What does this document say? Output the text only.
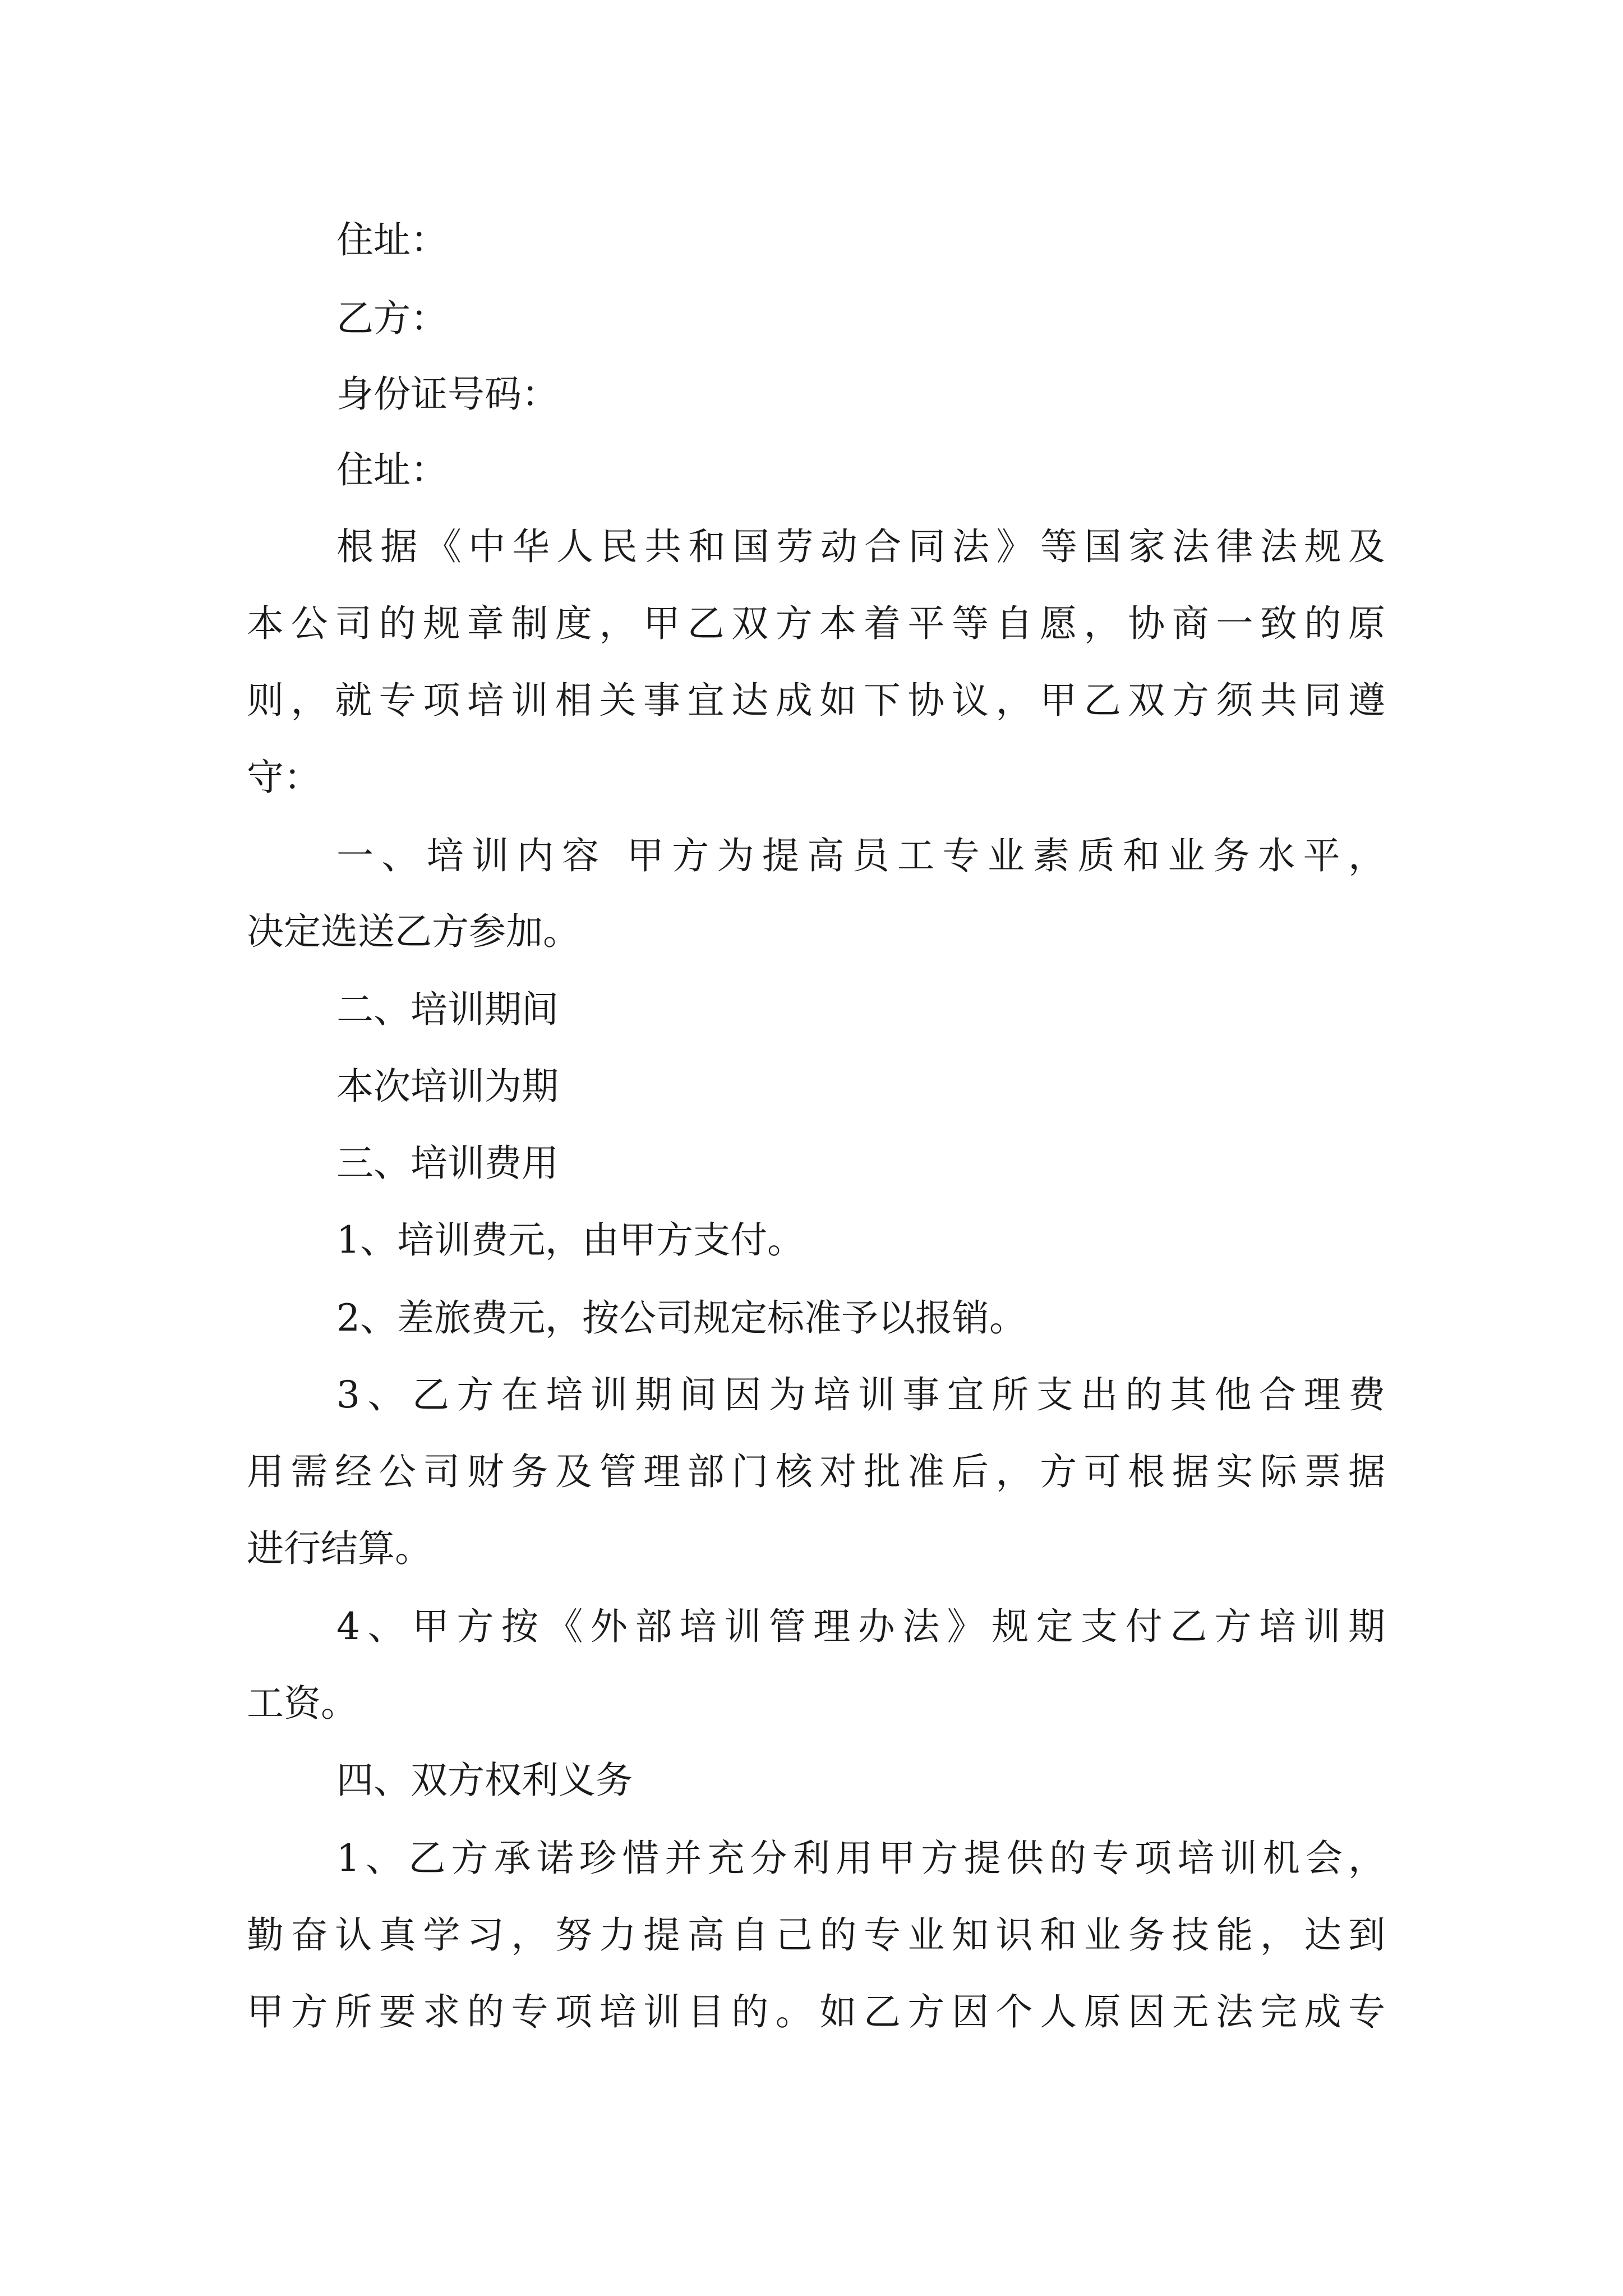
住址：
乙方：
身份证号码：
住址：
根据《中华人民共和国劳动合同法》等国家法律法规及
本公司的规章制度，甲乙双方本着平等自愿，协商一致的原
则，就专项培训相关事宜达成如下协议，甲乙双方须共同遵
守：
一、培训内容 甲方为提高员工专业素质和业务水平，
决定选送乙方参加。
二、培训期间
本次培训为期
三、培训费用
1、培训费元，由甲方支付。
2、差旅费元，按公司规定标准予以报销。
3、乙方在培训期间因为培训事宜所支出的其他合理费
用需经公司财务及管理部门核对批准后，方可根据实际票据
进行结算。
4、甲方按《外部培训管理办法》规定支付乙方培训期
工资。
四、双方权利义务
1、乙方承诺珍惜并充分利用甲方提供的专项培训机会，
勤奋认真学习，努力提高自己的专业知识和业务技能，达到
甲方所要求的专项培训目的。如乙方因个人原因无法完成专
